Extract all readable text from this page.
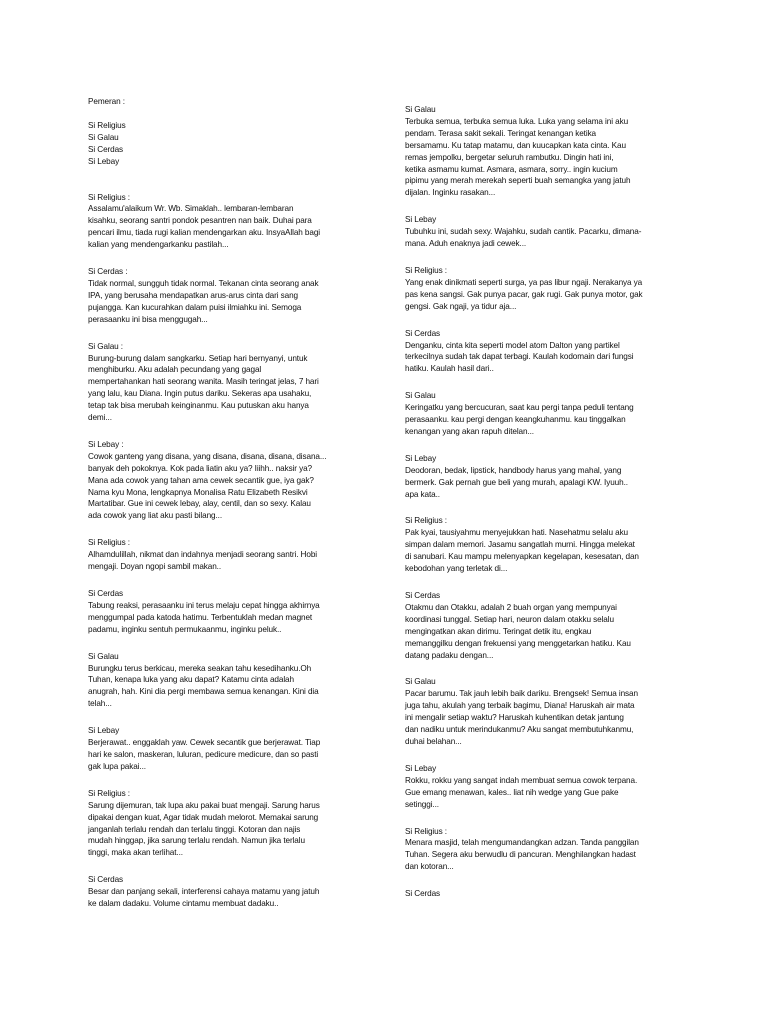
Pemeran :
Si Religius
Si Galau
Si Cerdas
Si Lebay
Si Religius :
Assalamu'alaikum Wr. Wb. Simaklah.. lembaran-lembaran
kisahku, seorang santri pondok pesantren nan baik. Duhai para
pencari ilmu, tiada rugi kalian mendengarkan aku. InsyaAllah bagi
kalian yang mendengarkanku pastilah...
Si Cerdas :
Tidak normal, sungguh tidak normal. Tekanan cinta seorang anak
IPA, yang berusaha mendapatkan arus-arus cinta dari sang
pujangga. Kan kucurahkan dalam puisi ilmiahku ini. Semoga
perasaanku ini bisa menggugah...
Si Galau :
Burung-burung dalam sangkarku. Setiap hari bernyanyi, untuk
menghiburku. Aku adalah pecundang yang gagal
mempertahankan hati seorang wanita. Masih teringat jelas, 7 hari
yang lalu, kau Diana. Ingin putus dariku. Sekeras apa usahaku,
tetap tak bisa merubah keinginanmu. Kau putuskan aku hanya
demi...
Si Lebay :
Cowok ganteng yang disana, yang disana, disana, disana, disana...
banyak deh pokoknya. Kok pada liatin aku ya? Iiihh.. naksir ya?
Mana ada cowok yang tahan ama cewek secantik gue, iya gak?
Nama kyu Mona, lengkapnya Monalisa Ratu Elizabeth Resikvi
Martatibar. Gue ini cewek lebay, alay, centil, dan so sexy. Kalau
ada cowok yang liat aku pasti bilang...
Si Religius :
Alhamdulillah, nikmat dan indahnya menjadi seorang santri. Hobi
mengaji. Doyan ngopi sambil makan..
Si Cerdas
Tabung reaksi, perasaanku ini terus melaju cepat hingga akhirnya
menggumpal pada katoda hatimu. Terbentuklah medan magnet
padamu, inginku sentuh permukaanmu, inginku peluk..
Si Galau
Burungku terus berkicau, mereka seakan tahu kesedihanku.Oh
Tuhan, kenapa luka yang aku dapat? Katamu cinta adalah
anugrah, hah. Kini dia pergi membawa semua kenangan. Kini dia
telah...
Si Lebay
Berjerawat.. enggaklah yaw. Cewek secantik gue berjerawat. Tiap
hari ke salon, maskeran, luluran, pedicure medicure, dan so pasti
gak lupa pakai...
Si Religius :
Sarung dijemuran, tak lupa aku pakai buat mengaji. Sarung harus
dipakai dengan kuat, Agar tidak mudah melorot. Memakai sarung
janganlah terlalu rendah dan terlalu tinggi. Kotoran dan najis
mudah hinggap, jika sarung terlalu rendah. Namun jika terlalu
tinggi, maka akan terlihat...
Si Cerdas
Besar dan panjang sekali, interferensi cahaya matamu yang jatuh
ke dalam dadaku. Volume cintamu membuat dadaku..
Si Galau
Terbuka semua, terbuka semua luka. Luka yang selama ini aku
pendam. Terasa sakit sekali. Teringat kenangan ketika
bersamamu. Ku tatap matamu, dan kuucapkan kata cinta. Kau
remas jempolku, bergetar seluruh rambutku. Dingin hati ini,
ketika asmamu kumat. Asmara, asmara, sorry.. ingin kucium
pipimu yang merah merekah seperti buah semangka yang jatuh
dijalan. Inginku rasakan...
Si Lebay
Tubuhku ini, sudah sexy. Wajahku, sudah cantik. Pacarku, dimana-
mana. Aduh enaknya jadi cewek...
Si Religius :
Yang enak dinikmati seperti surga, ya pas libur ngaji. Nerakanya ya
pas kena sangsi. Gak punya pacar, gak rugi. Gak punya motor, gak
gengsi. Gak ngaji, ya tidur aja...
Si Cerdas
Denganku, cinta kita seperti model atom Dalton yang partikel
terkecilnya sudah tak dapat terbagi. Kaulah kodomain dari fungsi
hatiku. Kaulah hasil dari..
Si Galau
Keringatku yang bercucuran, saat kau pergi tanpa peduli tentang
perasaanku. kau pergi dengan keangkuhanmu. kau tinggalkan
kenangan yang akan rapuh ditelan...
Si Lebay
Deodoran, bedak, lipstick, handbody harus yang mahal, yang
bermerk. Gak pernah gue beli yang murah, apalagi KW. Iyuuh..
apa kata..
Si Religius :
Pak kyai, tausiyahmu menyejukkan hati. Nasehatmu selalu aku
simpan dalam memori. Jasamu sangatlah murni. Hingga melekat
di sanubari. Kau mampu melenyapkan kegelapan, kesesatan, dan
kebodohan yang terletak di...
Si Cerdas
Otakmu dan Otakku, adalah 2 buah organ yang mempunyai
koordinasi tunggal. Setiap hari, neuron dalam otakku selalu
mengingatkan akan dirimu. Teringat detik itu, engkau
memanggilku dengan frekuensi yang menggetarkan hatiku. Kau
datang padaku dengan...
Si Galau
Pacar barumu. Tak jauh lebih baik dariku. Brengsek! Semua insan
juga tahu, akulah yang terbaik bagimu, Diana! Haruskah air mata
ini mengalir setiap waktu? Haruskah kuhentikan detak jantung
dan nadiku untuk merindukanmu? Aku sangat membutuhkanmu,
duhai belahan...
Si Lebay
Rokku, rokku yang sangat indah membuat semua cowok terpana.
Gue emang menawan, kales.. liat nih wedge yang Gue pake
setinggi...
Si Religius :
Menara masjid, telah mengumandangkan adzan. Tanda panggilan
Tuhan. Segera aku berwudlu di pancuran. Menghilangkan hadast
dan kotoran...
Si Cerdas
